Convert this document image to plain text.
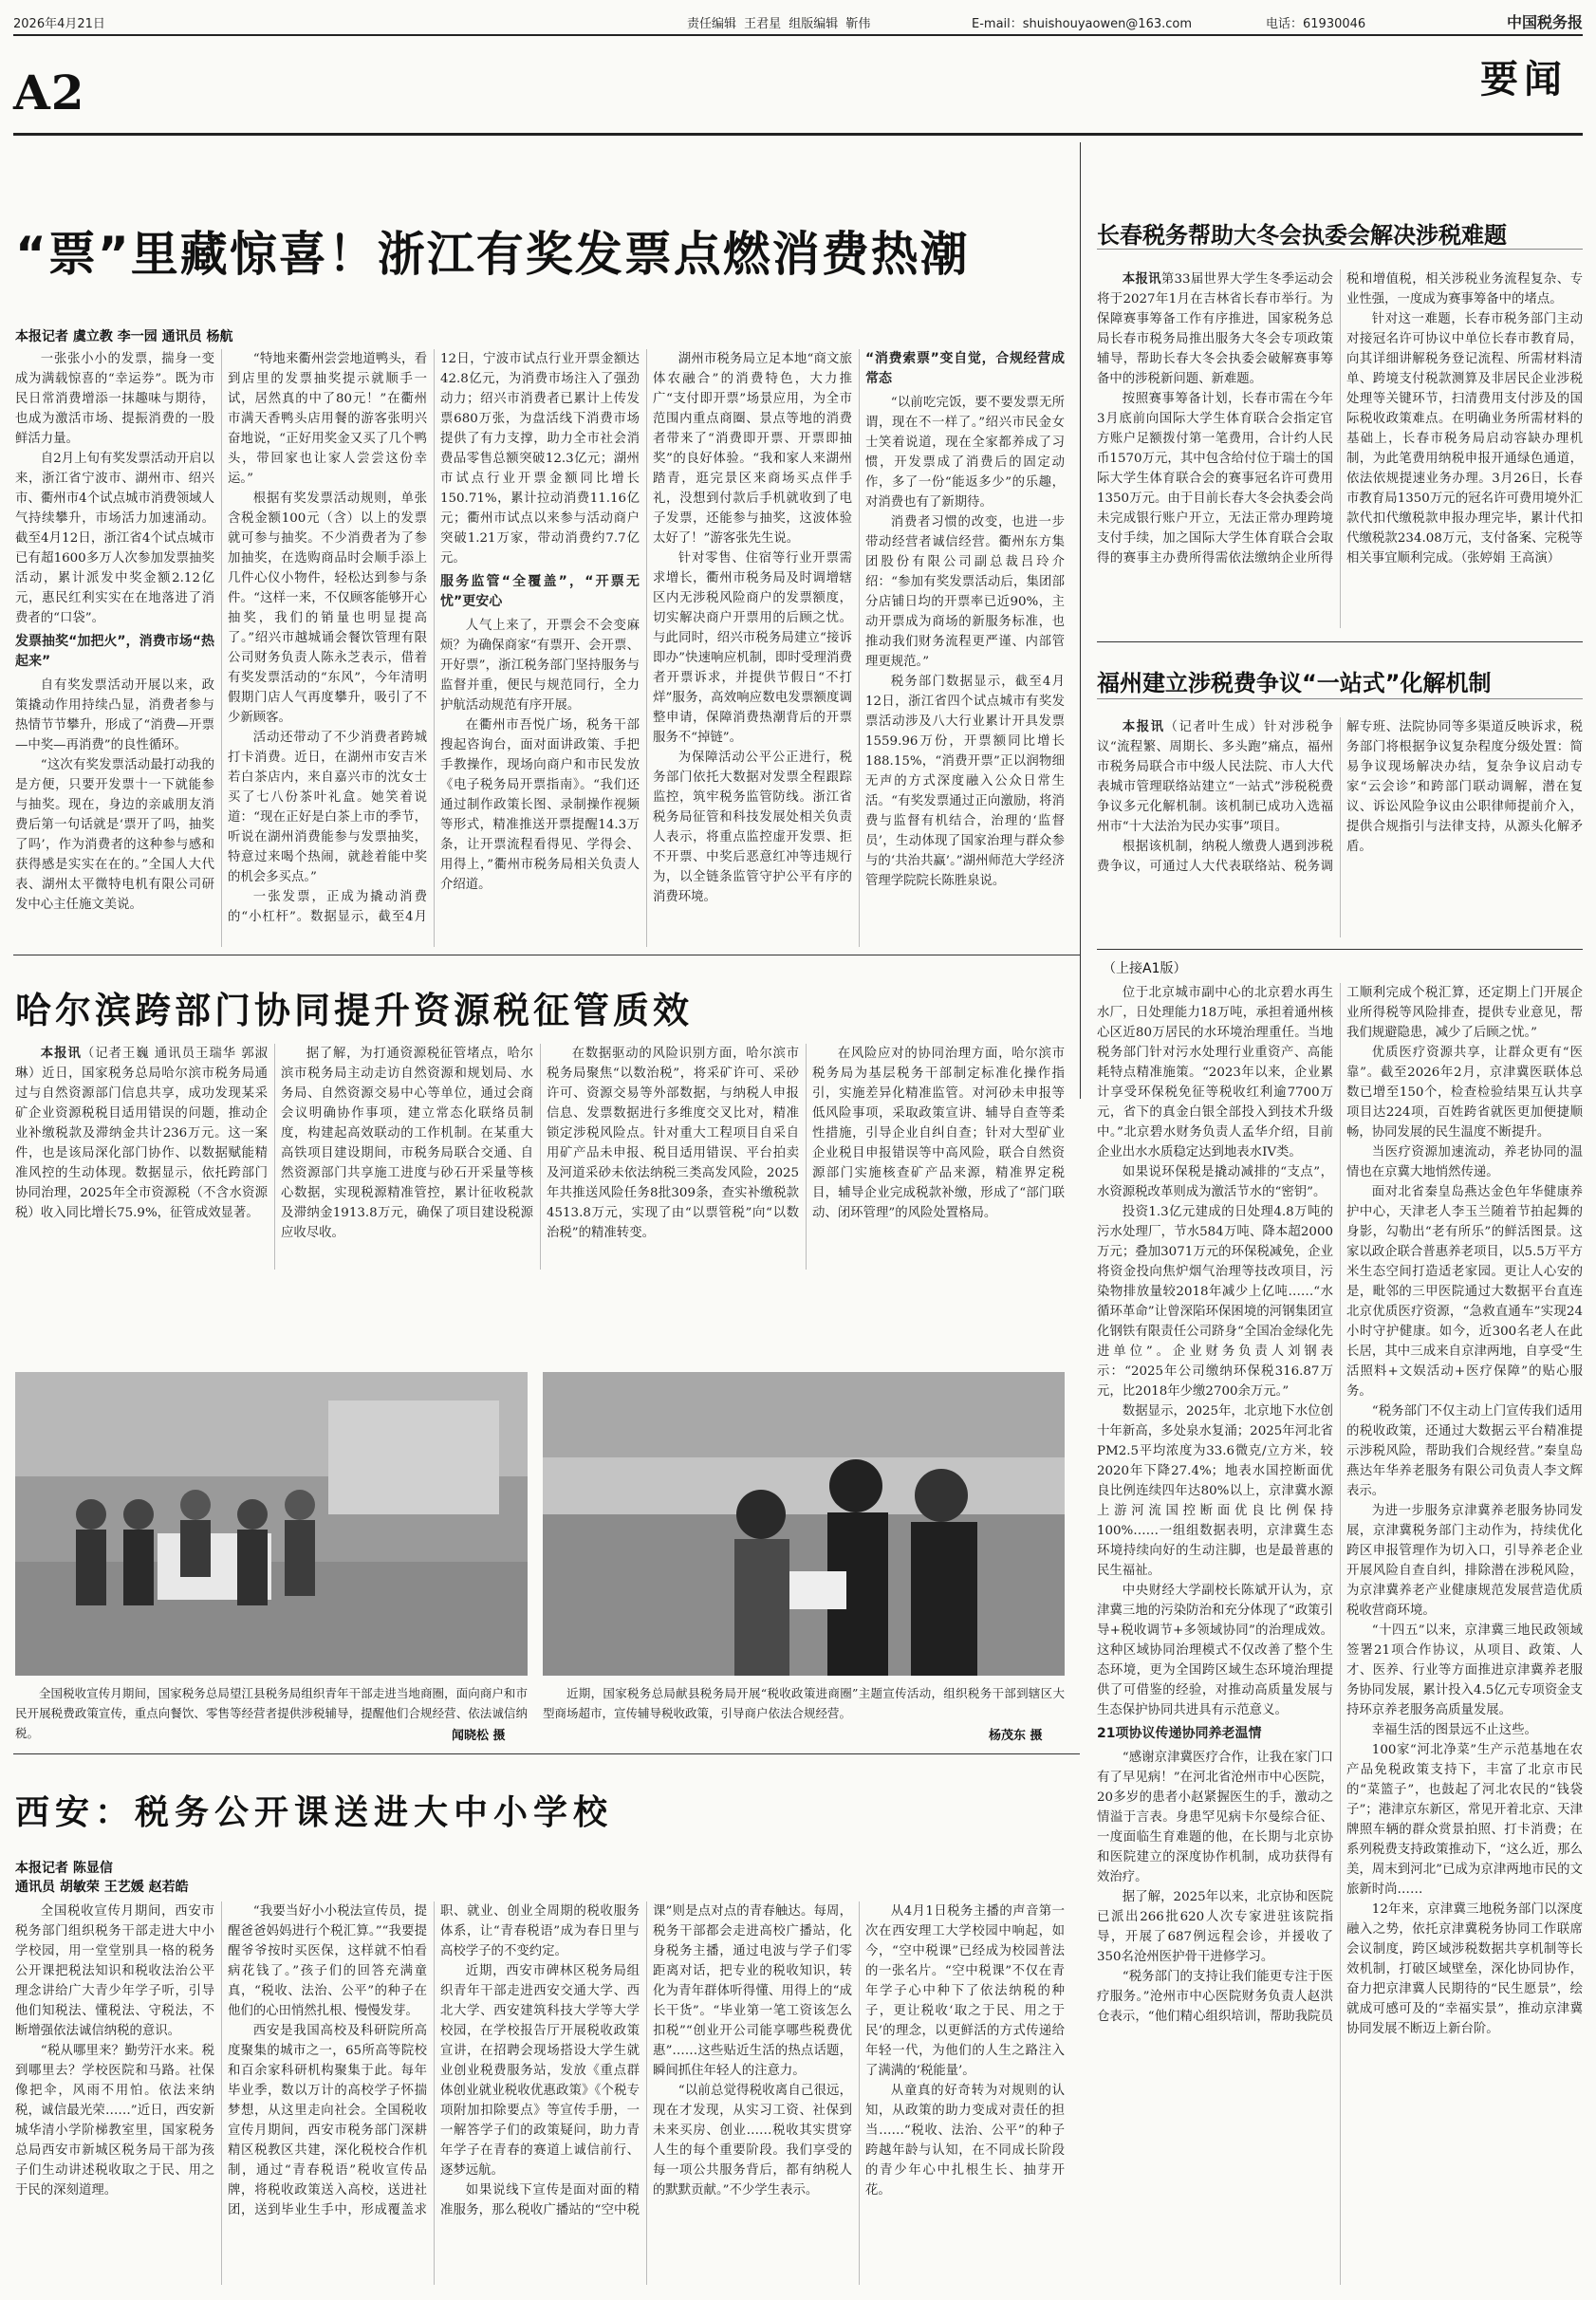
2026年4月21日	责任编辑 王君星 组版编辑 靳伟	E-mail：shuishouyaowen@163.com	电话：61930046	中国税务报
A2	要闻
“票”里藏惊喜！浙江有奖发票点燃消费热潮
本报记者 虞立教 李一园 通讯员 杨航

一张张小小的发票，揣身一变成为满载惊喜的“幸运券”。既为市民日常消费增添一抹趣味与期待，也成为激活市场、提振消费的一股鲜活力量。

自2月上旬有奖发票活动开启以来，浙江省宁波市、湖州市、绍兴市、衢州市4个试点城市消费领域人气持续攀升，市场活力加速涌动。截至4月12日，浙江省4个试点城市已有超1600多万人次参加发票抽奖活动，累计派发中奖金额2.12亿元，惠民红利实实在在地落进了消费者的“口袋”。

发票抽奖“加把火”，消费市场“热起来”

自有奖发票活动开展以来，政策撬动作用持续凸显，消费者参与热情节节攀升，形成了“消费—开票—中奖—再消费”的良性循环。

“这次有奖发票活动最打动我的是方便，只要开发票十一下就能参与抽奖。现在，身边的亲戚朋友消费后第一句话就是‘票开了吗，抽奖了吗’，作为消费者的这种参与感和获得感是实实在在的。”全国人大代表、湖州太平微特电机有限公司研发中心主任施文美说。

“特地来衢州尝尝地道鸭头，看到店里的发票抽奖提示就顺手一试，居然真的中了80元！”在衢州市满天香鸭头店用餐的游客张明兴奋地说，“正好用奖金又买了几个鸭头，带回家也让家人尝尝这份幸运。”

根据有奖发票活动规则，单张含税金额100元（含）以上的发票就可参与抽奖。不少消费者为了参加抽奖，在选购商品时会顺手添上几件心仪小物件，轻松达到参与条件。“这样一来，不仅顾客能够开心抽奖，我们的销量也明显提高了。”绍兴市越城诵会餐饮管理有限公司财务负责人陈永芝表示，借着有奖发票活动的“东风”，今年清明假期门店人气再度攀升，吸引了不少新顾客。

活动还带动了不少消费者跨城打卡消费。近日，在湖州市安吉米若白茶店内，来自嘉兴市的沈女士买了七八份茶叶礼盒。她笑着说道：“现在正好是白茶上市的季节，听说在湖州消费能参与发票抽奖，特意过来喝个热闹，就趁着能中奖的机会多买点。”

一张发票，正成为撬动消费的“小杠杆”。数据显示，截至4月12日，宁波市试点行业开票金额达42.8亿元，为消费市场注入了强劲动力；绍兴市消费者已累计上传发票680万张，为盘活线下消费市场提供了有力支撑，助力全市社会消费品零售总额突破12.3亿元；湖州市试点行业开票金额同比增长150.71%，累计拉动消费11.16亿元；衢州市试点以来参与活动商户突破1.21万家，带动消费约7.7亿元。

服务监管“全覆盖”，“开票无忧”更安心

人气上来了，开票会不会变麻烦？为确保商家“有票开、会开票、开好票”，浙江税务部门坚持服务与监督并重，便民与规范同行，全力护航活动规范有序开展。

在衢州市吾悦广场，税务干部搜起咨询台，面对面讲政策、手把手教操作，现场向商户和市民发放《电子税务局开票指南》。“我们还通过制作政策长图、录制操作视频等形式，精准推送开票提醒14.3万条，让开票流程看得见、学得会、用得上，”衢州市税务局相关负责人介绍道。

湖州市税务局立足本地“商文旅体农融合”的消费特色，大力推广“支付即开票”场景应用，为全市范围内重点商圈、景点等地的消费者带来了“消费即开票、开票即抽奖”的良好体验。“我和家人来湖州踏青，逛完景区来商场买点伴手礼，没想到付款后手机就收到了电子发票，还能参与抽奖，这波体验太好了！”游客张先生说。

针对零售、住宿等行业开票需求增长，衢州市税务局及时调增辖区内无涉税风险商户的发票额度，切实解决商户开票用的后顾之忧。与此同时，绍兴市税务局建立“接诉即办”快速响应机制，即时受理消费者开票诉求，并提供节假日“不打烊”服务，高效响应数电发票额度调整申请，保障消费热潮背后的开票服务不“掉链”。

为保障活动公平公正进行，税务部门依托大数据对发票全程跟踪监控，筑牢税务监管防线。浙江省税务局征管和科技发展处相关负责人表示，将重点监控虚开发票、拒不开票、中奖后恶意红冲等违规行为，以全链条监管守护公平有序的消费环境。

“消费索票”变自觉，合规经营成常态

“以前吃完饭，要不要发票无所谓，现在不一样了。”绍兴市民金女士笑着说道，现在全家都养成了习惯，开发票成了消费后的固定动作，多了一份“能返多少”的乐趣，对消费也有了新期待。

消费者习惯的改变，也进一步带动经营者诚信经营。衢州东方集团股份有限公司副总裁吕玲介绍：“参加有奖发票活动后，集团部分店铺日均的开票率已近90%，主动开票成为商场的新服务标准，也推动我们财务流程更严谨、内部管理更规范。”

税务部门数据显示，截至4月12日，浙江省四个试点城市有奖发票活动涉及八大行业累计开具发票1559.96万份，开票额同比增长188.15%，“消费开票”正以润物细无声的方式深度融入公众日常生活。“有奖发票通过正向激励，将消费与监督有机结合，治理的‘监督员’，生动体现了国家治理与群众参与的‘共治共赢’。”湖州师范大学经济管理学院院长陈胜泉说。

长春税务帮助大冬会执委会解决涉税难题

本报讯第33届世界大学生冬季运动会将于2027年1月在吉林省长春市举行。为保障赛事筹备工作有序推进，国家税务总局长春市税务局推出服务大冬会专项政策辅导，帮助长春大冬会执委会破解赛事筹备中的涉税新问题、新难题。

按照赛事筹备计划，长春市需在今年3月底前向国际大学生体育联合会指定官方账户足额拨付第一笔费用，合计约人民币1570万元，其中包含给付位于瑞士的国际大学生体育联合会的赛事冠名许可费用1350万元。由于目前长春大冬会执委会尚未完成银行账户开立，无法正常办理跨境支付手续，加之国际大学生体育联合会取得的赛事主办费所得需依法缴纳企业所得税和增值税，相关涉税业务流程复杂、专业性强，一度成为赛事筹备中的堵点。

针对这一难题，长春市税务部门主动对接冠名许可协议中单位长春市教育局，向其详细讲解税务登记流程、所需材料清单、跨境支付税款测算及非居民企业涉税处理等关键环节，扫清费用支付涉及的国际税收政策难点。在明确业务所需材料的基础上，长春市税务局启动容缺办理机制，为此笔费用纳税申报开通绿色通道，依法依规提速业务办理。3月26日，长春市教育局1350万元的冠名许可费用境外汇款代扣代缴税款申报办理完毕，累计代扣代缴税款234.08万元，支付备案、完税等相关事宜顺利完成。（张婷娟 王高演）

福州建立涉税费争议“一站式”化解机制

本报讯（记者叶生成）针对涉税争议“流程繁、周期长、多头跑”痛点，福州市税务局联合市中级人民法院、市人大代表城市管理联络站建立“一站式”涉税税费争议多元化解机制。该机制已成功入选福州市“十大法治为民办实事”项目。

根据该机制，纳税人缴费人遇到涉税费争议，可通过人大代表联络站、税务调解专班、法院协同等多渠道反映诉求，税务部门将根据争议复杂程度分级处置：简易争议现场解决办结，复杂争议启动专家“云会诊”和跨部门联动调解，潜在复议、诉讼风险争议由公职律师提前介入，提供合规指引与法律支持，从源头化解矛盾。

（上接A1版）

位于北京城市副中心的北京碧水再生水厂，日处理能力18万吨，承担着通州核心区近80万居民的水环境治理重任。当地税务部门针对污水处理行业重资产、高能耗特点精准施策。“2023年以来，企业累计享受环保税免征等税收红利逾7700万元，省下的真金白银全部投入到技术升级中。”北京碧水财务负责人孟华介绍，目前企业出水水质稳定达到地表水IV类。

如果说环保税是撬动减排的“支点”，水资源税改革则成为激活节水的“密钥”。

投资1.3亿元建成的日处理4.8万吨的污水处理厂，节水584万吨、降本超2000万元；叠加3071万元的环保税减免，企业将资金投向焦炉烟气治理等技改项目，污染物排放量较2018年减少上亿吨……“水循环革命”让曾深陷环保困境的河钢集团宣化钢铁有限责任公司跻身“全国冶金绿化先进单位”。企业财务负责人刘钢表示：“2025年公司缴纳环保税316.87万元，比2018年少缴2700余万元。”

数据显示，2025年，北京地下水位创十年新高，多处泉水复涌；2025年河北省PM2.5平均浓度为33.6微克/立方米，较2020年下降27.4%；地表水国控断面优良比例连续四年达80%以上，京津冀水源上游河流国控断面优良比例保持100%……一组组数据表明，京津冀生态环境持续向好的生动注脚，也是最普惠的民生福祉。

中央财经大学副校长陈斌开认为，京津冀三地的污染防治和充分体现了“政策引导+税收调节+多领域协同”的治理成效。这种区域协同治理模式不仅改善了整个生态环境，更为全国跨区域生态环境治理提供了可借鉴的经验，对推动高质量发展与生态保护协同共进具有示范意义。

21项协议传递协同养老温情

“感谢京津冀医疗合作，让我在家门口有了早见病！”在河北省沧州市中心医院，20多岁的患者小赵紧握医生的手，激动之情溢于言表。身患罕见病卡尔曼综合征、一度面临生育难题的他，在长期与北京协和医院建立的深度协作机制，成功获得有效治疗。

据了解，2025年以来，北京协和医院已派出266批620人次专家进驻该院指导，开展了687例远程会诊，并援收了350名沧州医护骨干进修学习。

“税务部门的支持让我们能更专注于医疗服务。”沧州市中心医院财务负责人赵洪仓表示，“他们精心组织培训，帮助我院员工顺利完成个税汇算，还定期上门开展企业所得税等风险排查，提供专业意见，帮我们规避隐患，减少了后顾之忧。”

优质医疗资源共享，让群众更有“医靠”。截至2026年2月，京津冀医联体总数已增至150个，检查检验结果互认共享项目达224项，百姓跨省就医更加便捷顺畅，协同发展的民生温度不断提升。

当医疗资源加速流动，养老协同的温情也在京冀大地悄然传递。

面对北省秦皇岛燕达金色年华健康养护中心，天津老人李玉兰随着节拍起舞的身影，勾勒出“老有所乐”的鲜活图景。这家以政企联合普惠养老项目，以5.5万平方米生态空间打造适老家园。更让人心安的是，毗邻的三甲医院通过大数据平台直连北京优质医疗资源，“急救直通车”实现24小时守护健康。如今，近300名老人在此长居，其中三成来自京津两地，自享受“生活照料+文娱活动+医疗保障”的贴心服务。

“税务部门不仅主动上门宣传我们适用的税收政策，还通过大数据云平台精准提示涉税风险，帮助我们合规经营。”秦皇岛燕达年华养老服务有限公司负责人李文辉表示。

为进一步服务京津冀养老服务协同发展，京津冀税务部门主动作为，持续优化跨区申报管理作为切入口，引导养老企业开展风险自查自纠，排除潜在涉税风险，为京津冀养老产业健康规范发展营造优质税收营商环境。

“十四五”以来，京津冀三地民政领域签署21项合作协议，从项目、政策、人才、医养、行业等方面推进京津冀养老服务协同发展，累计投入4.5亿元专项资金支持环京养老服务高质量发展。

幸福生活的图景远不止这些。

100家“河北净菜”生产示范基地在农产品免税政策支持下，丰富了北京市民的“菜篮子”，也鼓起了河北农民的“钱袋子”；港津京东新区，常见开着北京、天津牌照车辆的群众赏景拍照、打卡消费；在系列税费支持政策推动下，“这么近，那么美，周末到河北”已成为京津两地市民的文旅新时尚……

12年来，京津冀三地税务部门以深度融入之势，依托京津冀税务协同工作联席会议制度，跨区域涉税数据共享机制等长效机制，打破区域壁垒，深化协同协作，奋力把京津冀人民期待的“民生愿景”，绘就成可感可及的“幸福实景”，推动京津冀协同发展不断迈上新台阶。

哈尔滨跨部门协同提升资源税征管质效

本报讯（记者王巍 通讯员王瑞华 郭淑琳）近日，国家税务总局哈尔滨市税务局通过与自然资源部门信息共享，成功发现某采矿企业资源税税目适用错误的问题，推动企业补缴税款及滞纳金共计236万元。这一案件，也是该局深化部门协作、以数据赋能精准风控的生动体现。数据显示，依托跨部门协同治理，2025年全市资源税（不含水资源税）收入同比增长75.9%，征管成效显著。

据了解，为打通资源税征管堵点，哈尔滨市税务局主动走访自然资源和规划局、水务局、自然资源交易中心等单位，通过会商会议明确协作事项，建立常态化联络员制度，构建起高效联动的工作机制。在某重大高铁项目建设期间，市税务局联合交通、自然资源部门共享施工进度与砂石开采量等核心数据，实现税源精准管控，累计征收税款及滞纳金1913.8万元，确保了项目建设税源应收尽收。

在数据驱动的风险识别方面，哈尔滨市税务局聚焦“以数治税”，将采矿许可、采砂许可、资源交易等外部数据，与纳税人申报信息、发票数据进行多维度交叉比对，精准锁定涉税风险点。针对重大工程项目自采自用矿产品未申报、税目适用错误、平台拍卖及河道采砂未依法纳税三类高发风险，2025年共推送风险任务8批309条，查实补缴税款4513.8万元，实现了由“以票管税”向“以数治税”的精准转变。

在风险应对的协同治理方面，哈尔滨市税务局为基层税务干部制定标准化操作指引，实施差异化精准监管。对河砂未申报等低风险事项，采取政策宣讲、辅导自查等柔性措施，引导企业自纠自查；针对大型矿业企业税目申报错误等中高风险，联合自然资源部门实施核查矿产品来源，精准界定税目，辅导企业完成税款补缴，形成了“部门联动、闭环管理”的风险处置格局。

全国税收宣传月期间，国家税务总局望江县税务局组织青年干部走进当地商圈，面向商户和市民开展税费政策宣传，重点向餐饮、零售等经营者提供涉税辅导，提醒他们合规经营、依法诚信纳税。	闻晓松 摄
近期，国家税务总局献县税务局开展“税收政策进商圈”主题宣传活动，组织税务干部到辖区大型商场超市，宣传辅导税收政策，引导商户依法合规经营。
杨茂东 摄
西安：税务公开课送进大中小学校
本报记者 陈显信
通讯员 胡敏荣 王艺媛 赵若皓

全国税收宣传月期间，西安市税务部门组织税务干部走进大中小学校园，用一堂堂别具一格的税务公开课把税法知识和税收法治公平理念讲给广大青少年学子听，引导他们知税法、懂税法、守税法，不断增强依法诚信纳税的意识。

“税从哪里来？勤劳汗水来。税到哪里去？学校医院和马路。社保像把伞，风雨不用怕。依法来纳税，诚信最光荣……”近日，西安新城华清小学阶梯教室里，国家税务总局西安市新城区税务局干部为孩子们生动讲述税收取之于民、用之于民的深刻道理。

“我要当好小小税法宣传员，提醒爸爸妈妈进行个税汇算。”“我要提醒爷爷按时买医保，这样就不怕看病花钱了。”孩子们的回答充满童真，“税收、法治、公平”的种子在他们的心田悄然扎根、慢慢发芽。

西安是我国高校及科研院所高度聚集的城市之一，65所高等院校和百余家科研机构聚集于此。每年毕业季，数以万计的高校学子怀揣梦想，从这里走向社会。全国税收宣传月期间，西安市税务部门深耕精区税教区共建，深化税校合作机制，通过“青春税语”税收宣传品牌，将税收政策送入高校，送进社团，送到毕业生手中，形成覆盖求职、就业、创业全周期的税收服务体系，让“青春税语”成为春日里与高校学子的不变约定。

近期，西安市碑林区税务局组织青年干部走进西安交通大学、西北大学、西安建筑科技大学等大学校园，在学校报告厅开展税收政策宣讲，在招聘会现场搭设大学生就业创业税费服务站，发放《重点群体创业就业税收优惠政策》《个税专项附加扣除要点》等宣传手册，一一解答学子们的政策疑问，助力青年学子在青春的赛道上诚信前行、逐梦远航。

如果说线下宣传是面对面的精准服务，那么税收广播站的“空中税课”则是点对点的青春触达。每周，税务干部都会走进高校广播站，化身税务主播，通过电波与学子们零距离对话，把专业的税收知识，转化为青年群体听得懂、用得上的“成长干货”。“毕业第一笔工资该怎么扣税”“创业开公司能享哪些税费优惠”……这些贴近生活的热点话题，瞬间抓住年轻人的注意力。

“以前总觉得税收离自己很远，现在才发现，从实习工资、社保到未来买房、创业……税收其实贯穿人生的每个重要阶段。我们享受的每一项公共服务背后，都有纳税人的默默贡献。”不少学生表示。

从4月1日税务主播的声音第一次在西安理工大学校园中响起，如今，“空中税课”已经成为校园普法的一张名片。“空中税课”不仅在青年学子心中种下了依法纳税的种子，更让税收‘取之于民、用之于民’的理念，以更鲜活的方式传递给年轻一代，为他们的人生之路注入了满满的‘税能量’。

从童真的好奇转为对规则的认知，从政策的助力变成对责任的担当……“税收、法治、公平”的种子跨越年龄与认知，在不同成长阶段的青少年心中扎根生长、抽芽开花。
